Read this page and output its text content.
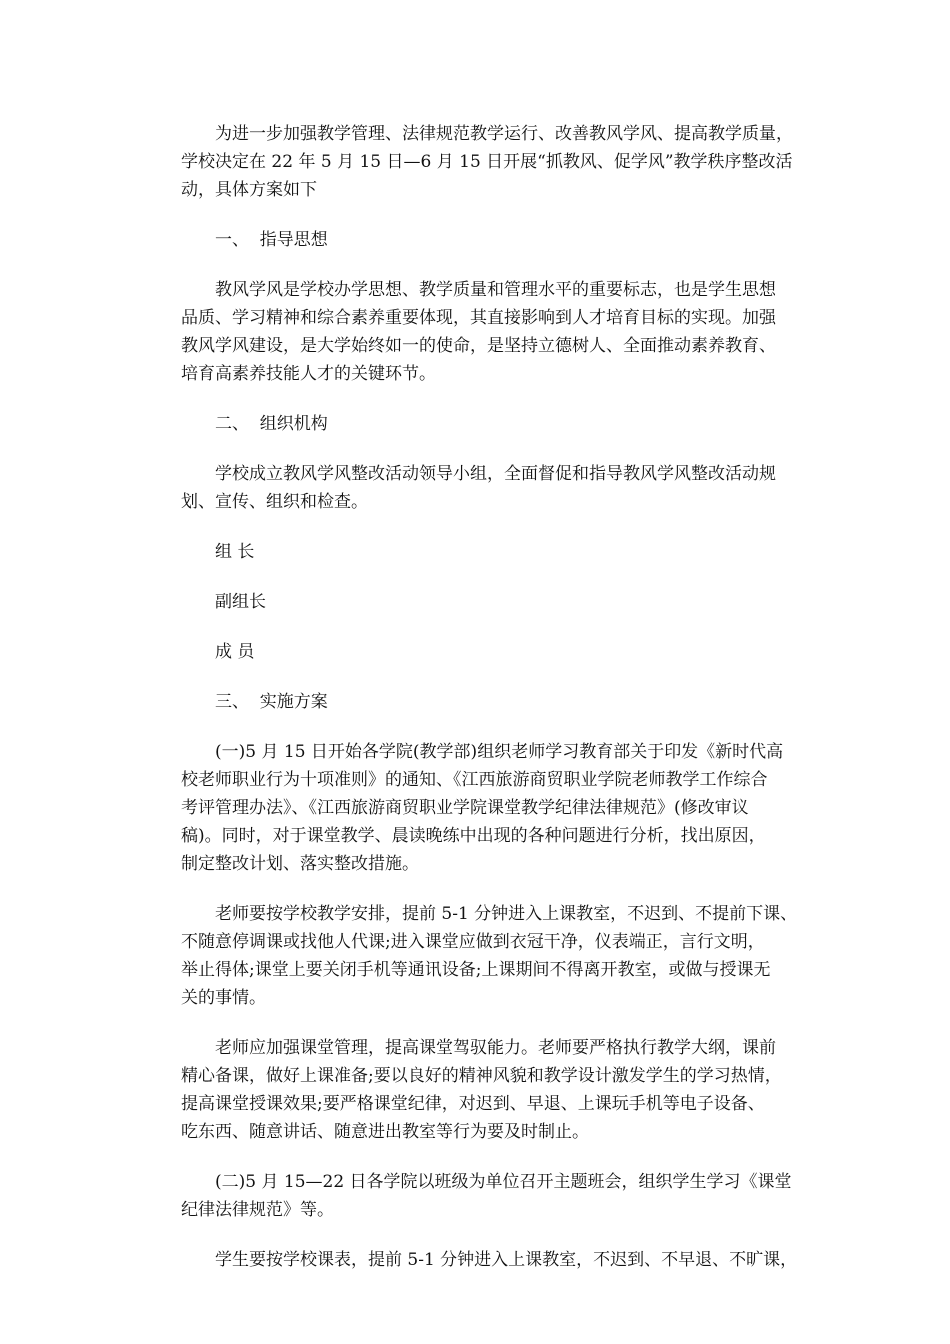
为进一步加强教学管理、法律规范教学运行、改善教风学风、提高教学质量，
学校决定在 22 年 5 月 15 日—6 月 15 日开展“抓教风、促学风”教学秩序整改活
动，具体方案如下

一、  指导思想

教风学风是学校办学思想、教学质量和管理水平的重要标志，也是学生思想
品质、学习精神和综合素养重要体现，其直接影响到人才培育目标的实现。加强
教风学风建设，是大学始终如一的使命，是坚持立德树人、全面推动素养教育、
培育高素养技能人才的关键环节。

二、  组织机构

学校成立教风学风整改活动领导小组，全面督促和指导教风学风整改活动规
划、宣传、组织和检查。

组 长
副组长
成 员
三、  实施方案

(一)5 月 15 日开始各学院(教学部)组织老师学习教育部关于印发《新时代高
校老师职业行为十项准则》的通知、《江西旅游商贸职业学院老师教学工作综合
考评管理办法》、《江西旅游商贸职业学院课堂教学纪律法律规范》(修改审议
稿)。同时，对于课堂教学、晨读晚练中出现的各种问题进行分析，找出原因，
制定整改计划、落实整改措施。

老师要按学校教学安排，提前 5-1 分钟进入上课教室，不迟到、不提前下课、
不随意停调课或找他人代课;进入课堂应做到衣冠干净，仪表端正，言行文明，
举止得体;课堂上要关闭手机等通讯设备;上课期间不得离开教室，或做与授课无
关的事情。

老师应加强课堂管理，提高课堂驾驭能力。老师要严格执行教学大纲，课前
精心备课，做好上课准备;要以良好的精神风貌和教学设计激发学生的学习热情，
提高课堂授课效果;要严格课堂纪律，对迟到、早退、上课玩手机等电子设备、
吃东西、随意讲话、随意进出教室等行为要及时制止。

(二)5 月 15—22 日各学院以班级为单位召开主题班会，组织学生学习《课堂
纪律法律规范》等。

学生要按学校课表，提前 5-1 分钟进入上课教室，不迟到、不早退、不旷课，
